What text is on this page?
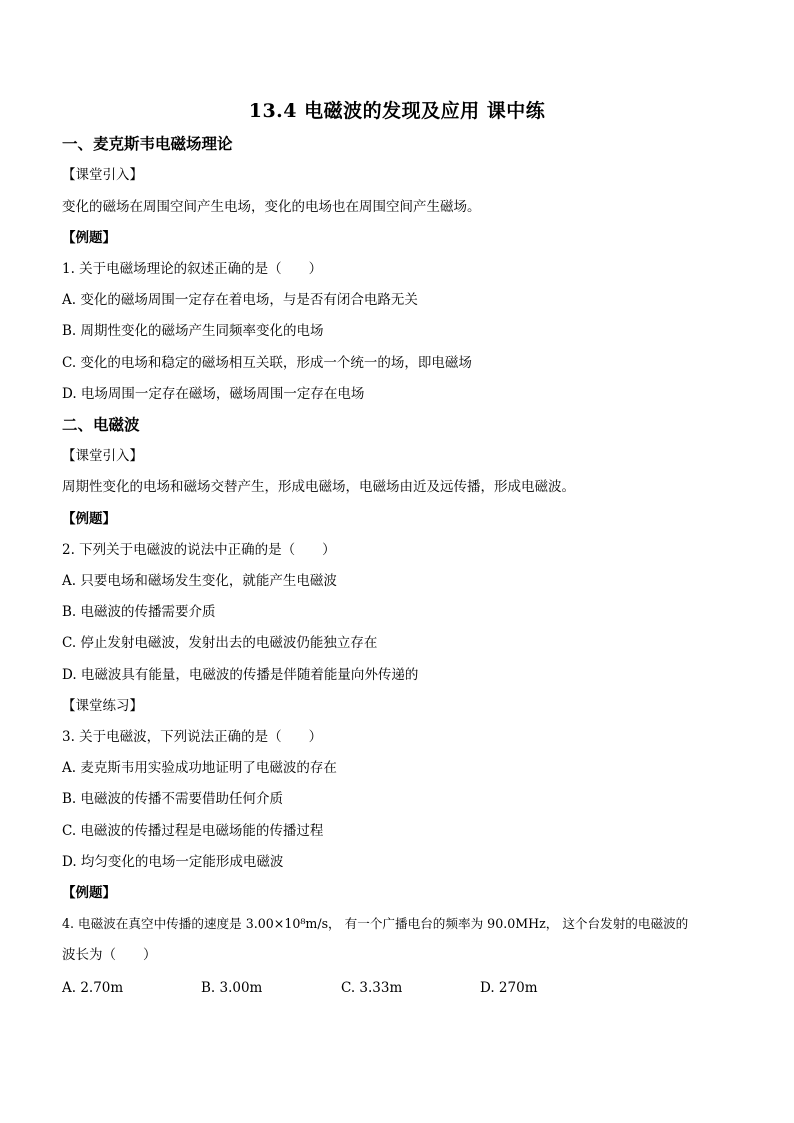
13.4 电磁波的发现及应用 课中练
一、麦克斯韦电磁场理论
【课堂引入】
变化的磁场在周围空间产生电场，变化的电场也在周围空间产生磁场。
【例题】
1. 关于电磁场理论的叙述正确的是（　　）
A. 变化的磁场周围一定存在着电场，与是否有闭合电路无关
B. 周期性变化的磁场产生同频率变化的电场
C. 变化的电场和稳定的磁场相互关联，形成一个统一的场，即电磁场
D. 电场周围一定存在磁场，磁场周围一定存在电场
二、电磁波
【课堂引入】
周期性变化的电场和磁场交替产生，形成电磁场，电磁场由近及远传播，形成电磁波。
【例题】
2. 下列关于电磁波的说法中正确的是（　　）
A. 只要电场和磁场发生变化，就能产生电磁波
B. 电磁波的传播需要介质
C. 停止发射电磁波，发射出去的电磁波仍能独立存在
D. 电磁波具有能量，电磁波的传播是伴随着能量向外传递的
【课堂练习】
3. 关于电磁波，下列说法正确的是（　　）
A. 麦克斯韦用实验成功地证明了电磁波的存在
B. 电磁波的传播不需要借助任何介质
C. 电磁波的传播过程是电磁场能的传播过程
D. 均匀变化的电场一定能形成电磁波
【例题】
4. 电磁波在真空中传播的速度是 3.00×10⁸m/s， 有一个广播电台的频率为 90.0MHz， 这个台发射的电磁波的
波长为（　　）
A. 2.70m	B. 3.00m	C. 3.33m	D. 270m
